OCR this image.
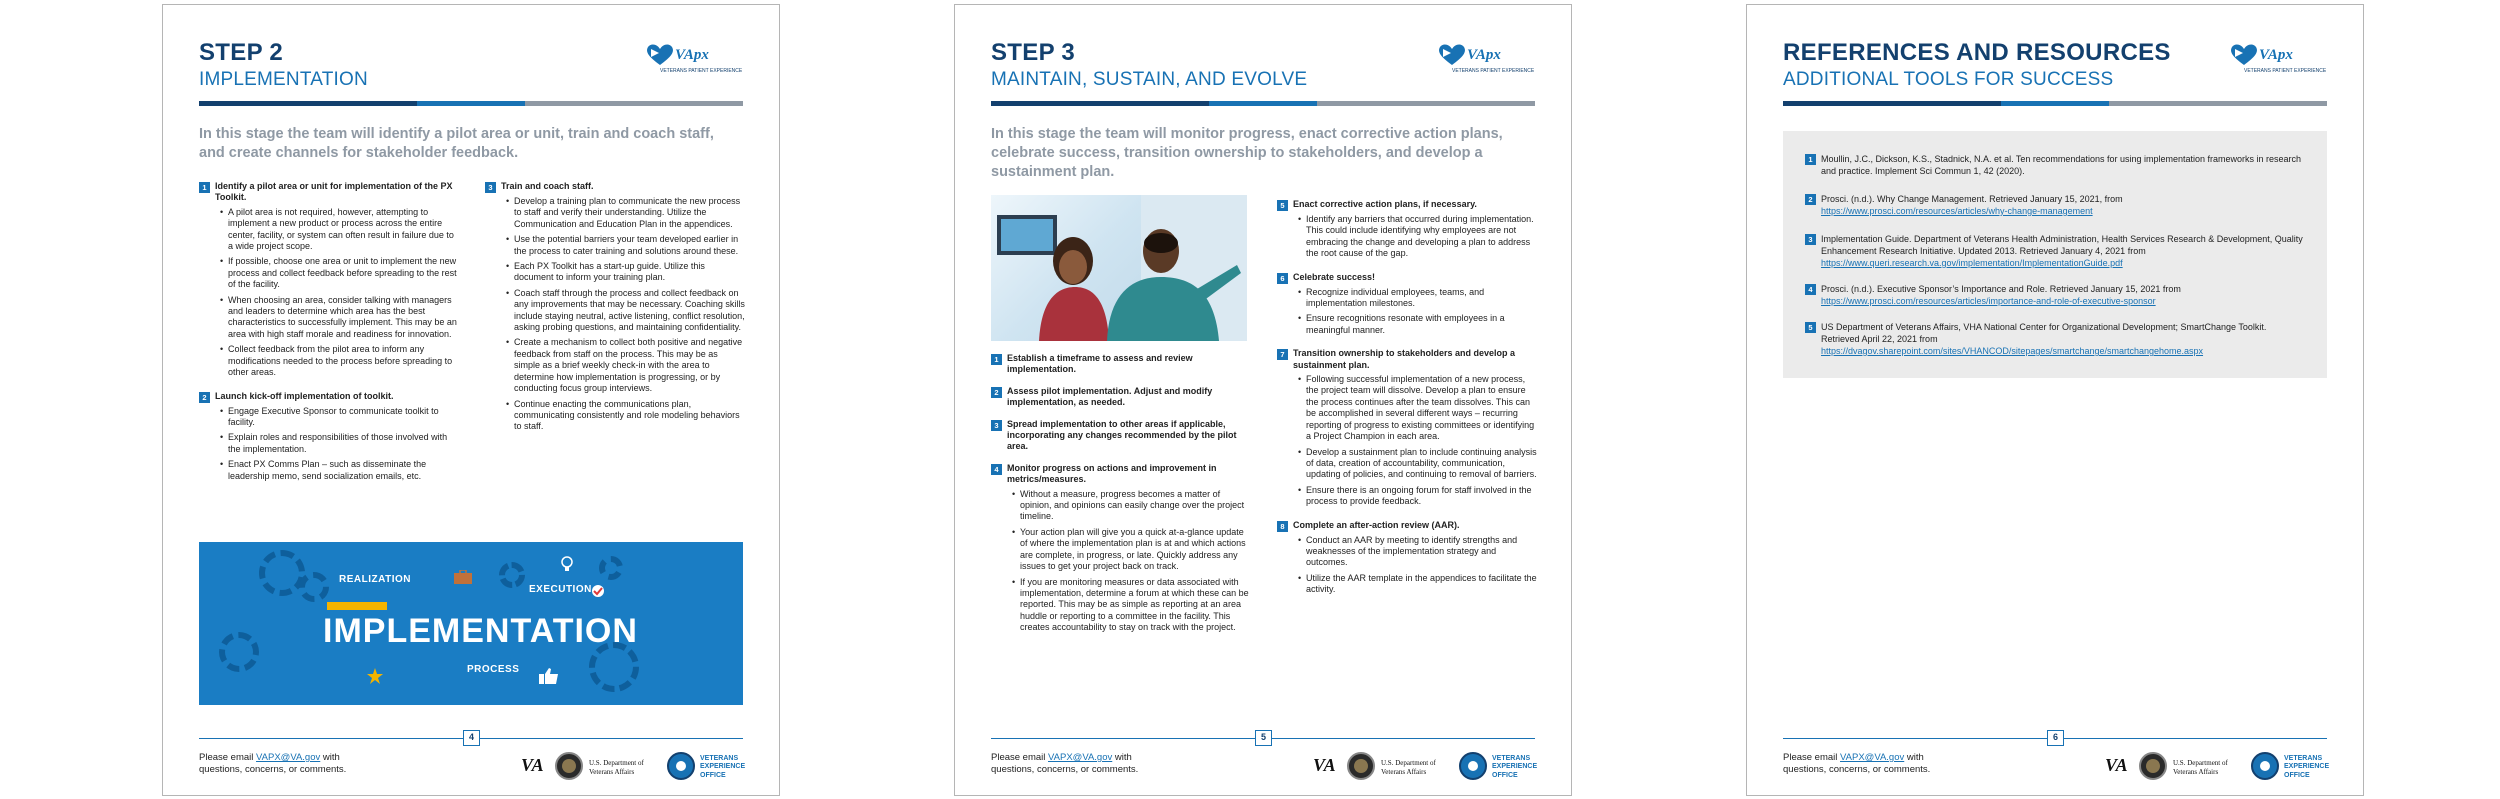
STEP 2
IMPLEMENTATION
VApx
VETERANS PATIENT EXPERIENCE
In this stage the team will identify a pilot area or unit, train and coach staff, and create channels for stakeholder feedback.
1 Identify a pilot area or unit for implementation of the PX Toolkit.
• A pilot area is not required, however, attempting to implement a new product or process across the entire center, facility, or system can often result in failure due to a wide project scope.
• If possible, choose one area or unit to implement the new process and collect feedback before spreading to the rest of the facility.
• When choosing an area, consider talking with managers and leaders to determine which area has the best characteristics to successfully implement. This may be an area with high staff morale and readiness for innovation.
• Collect feedback from the pilot area to inform any modifications needed to the process before spreading to other areas.
2 Launch kick-off implementation of toolkit.
• Engage Executive Sponsor to communicate toolkit to facility.
• Explain roles and responsibilities of those involved with the implementation.
• Enact PX Comms Plan – such as disseminate the leadership memo, send socialization emails, etc.
3 Train and coach staff.
• Develop a training plan to communicate the new process to staff and verify their understanding. Utilize the Communication and Education Plan in the appendices.
• Use the potential barriers your team developed earlier in the process to cater training and solutions around these.
• Each PX Toolkit has a start-up guide. Utilize this document to inform your training plan.
• Coach staff through the process and collect feedback on any improvements that may be necessary. Coaching skills include staying neutral, active listening, conflict resolution, asking probing questions, and maintaining confidentiality.
• Create a mechanism to collect both positive and negative feedback from staff on the process. This may be as simple as a brief weekly check-in with the area to determine how implementation is progressing, or by conducting focus group interviews.
• Continue enacting the communications plan, communicating consistently and role modeling behaviors to staff.
REALIZATION
EXECUTION
IMPLEMENTATION
PROCESS
4
Please email VAPX@VA.gov with questions, concerns, or comments.	VA	U.S. Department of Veterans Affairs
VETERANS EXPERIENCE OFFICE
STEP 3
MAINTAIN, SUSTAIN, AND EVOLVE
VApx
VETERANS PATIENT EXPERIENCE
In this stage the team will monitor progress, enact corrective action plans, celebrate success, transition ownership to stakeholders, and develop a sustainment plan.
1 Establish a timeframe to assess and review implementation.
2 Assess pilot implementation. Adjust and modify implementation, as needed.
3 Spread implementation to other areas if applicable, incorporating any changes recommended by the pilot area.
4 Monitor progress on actions and improvement in metrics/measures.
• Without a measure, progress becomes a matter of opinion, and opinions can easily change over the project timeline.
• Your action plan will give you a quick at-a-glance update of where the implementation plan is at and which actions are complete, in progress, or late. Quickly address any issues to get your project back on track.
• If you are monitoring measures or data associated with implementation, determine a forum at which these can be reported. This may be as simple as reporting at an area huddle or reporting to a committee in the facility. This creates accountability to stay on track with the project.
5 Enact corrective action plans, if necessary.
• Identify any barriers that occurred during implementation. This could include identifying why employees are not embracing the change and developing a plan to address the root cause of the gap.
6 Celebrate success!
• Recognize individual employees, teams, and implementation milestones.
• Ensure recognitions resonate with employees in a meaningful manner.
7 Transition ownership to stakeholders and develop a sustainment plan.
• Following successful implementation of a new process, the project team will dissolve. Develop a plan to ensure the process continues after the team dissolves. This can be accomplished in several different ways – recurring reporting of progress to existing committees or identifying a Project Champion in each area.
• Develop a sustainment plan to include continuing analysis of data, creation of accountability, communication, updating of policies, and continuing to removal of barriers.
• Ensure there is an ongoing forum for staff involved in the process to provide feedback.
8 Complete an after-action review (AAR).
• Conduct an AAR by meeting to identify strengths and weaknesses of the implementation strategy and outcomes.
• Utilize the AAR template in the appendices to facilitate the activity.
5
Please email VAPX@VA.gov with questions, concerns, or comments.	VA	U.S. Department of Veterans Affairs
VETERANS EXPERIENCE OFFICE
REFERENCES AND RESOURCES
ADDITIONAL TOOLS FOR SUCCESS
VApx
VETERANS PATIENT EXPERIENCE
1 Moullin, J.C., Dickson, K.S., Stadnick, N.A. et al. Ten recommendations for using implementation frameworks in research and practice. Implement Sci Commun 1, 42 (2020).
2 Prosci. (n.d.). Why Change Management. Retrieved January 15, 2021, from
https://www.prosci.com/resources/articles/why-change-management
3 Implementation Guide. Department of Veterans Health Administration, Health Services Research & Development, Quality Enhancement Research Initiative. Updated 2013. Retrieved January 4, 2021 from
https://www.queri.research.va.gov/implementation/ImplementationGuide.pdf
4 Prosci. (n.d.). Executive Sponsor’s Importance and Role. Retrieved January 15, 2021 from
https://www.prosci.com/resources/articles/importance-and-role-of-executive-sponsor
5 US Department of Veterans Affairs, VHA National Center for Organizational Development; SmartChange Toolkit. Retrieved April 22, 2021 from
https://dvagov.sharepoint.com/sites/VHANCOD/sitepages/smartchange/smartchangehome.aspx
6
Please email VAPX@VA.gov with questions, concerns, or comments.	VA	U.S. Department of Veterans Affairs
VETERANS EXPERIENCE OFFICE
